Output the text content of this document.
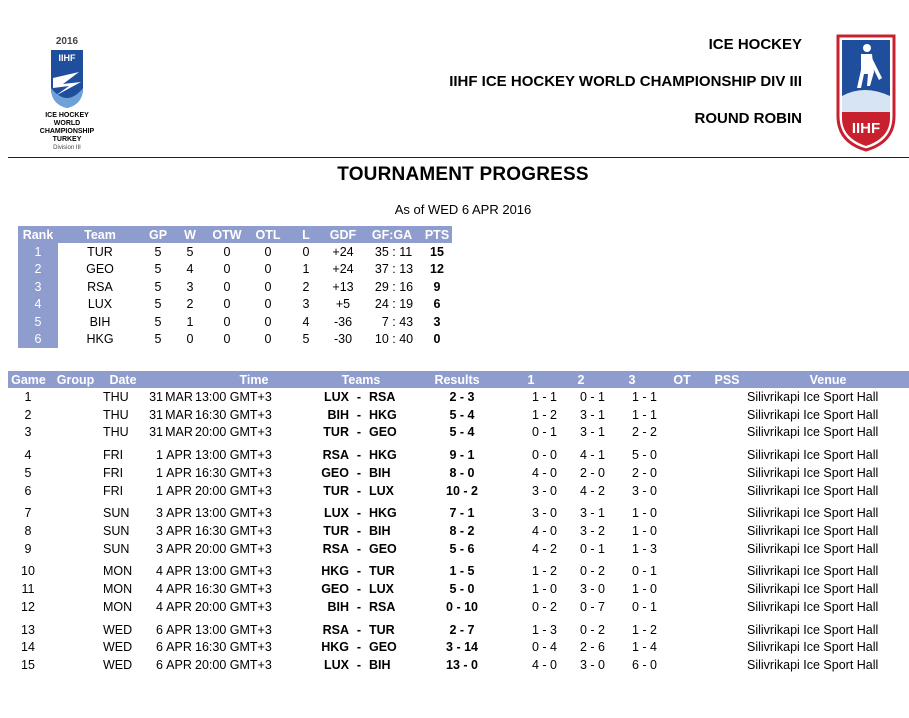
2016
IIHF
ICE HOCKEY
WORLD
CHAMPIONSHIP
TURKEY
Division III
ICE HOCKEY
IIHF ICE HOCKEY WORLD CHAMPIONSHIP DIV III
ROUND ROBIN
IIHF
TOURNAMENT PROGRESS
As of WED 6 APR 2016
Rank	Team	GP	W	OTW	OTL	L	GDF	GF:GA	PTS
1	TUR	5	5	0	0	0	+24	35 : 11	15
2	GEO	5	4	0	0	1	+24	37 : 13	12
3	RSA	5	3	0	0	2	+13	29 : 16	9
4	LUX	5	2	0	0	3	+5	24 : 19	6
5	BIH	5	1	0	0	4	-36	7 : 43	3
6	HKG	5	0	0	0	5	-30	10 : 40	0
Game	Group	Date			Time	Teams			Results	1	2	3	OT	PSS	Venue
1		THU	31	MAR	13:00 GMT+3	LUX	-	RSA	2 - 3	1 - 1	0 - 1	1 - 1			Silivrikapi Ice Sport Hall
2		THU	31	MAR	16:30 GMT+3	BIH	-	HKG	5 - 4	1 - 2	3 - 1	1 - 1			Silivrikapi Ice Sport Hall
3		THU	31	MAR	20:00 GMT+3	TUR	-	GEO	5 - 4	0 - 1	3 - 1	2 - 2			Silivrikapi Ice Sport Hall

4		FRI	1	APR	13:00 GMT+3	RSA	-	HKG	9 - 1	0 - 0	4 - 1	5 - 0			Silivrikapi Ice Sport Hall
5		FRI	1	APR	16:30 GMT+3	GEO	-	BIH	8 - 0	4 - 0	2 - 0	2 - 0			Silivrikapi Ice Sport Hall
6		FRI	1	APR	20:00 GMT+3	TUR	-	LUX	10 - 2	3 - 0	4 - 2	3 - 0			Silivrikapi Ice Sport Hall

7		SUN	3	APR	13:00 GMT+3	LUX	-	HKG	7 - 1	3 - 0	3 - 1	1 - 0			Silivrikapi Ice Sport Hall
8		SUN	3	APR	16:30 GMT+3	TUR	-	BIH	8 - 2	4 - 0	3 - 2	1 - 0			Silivrikapi Ice Sport Hall
9		SUN	3	APR	20:00 GMT+3	RSA	-	GEO	5 - 6	4 - 2	0 - 1	1 - 3			Silivrikapi Ice Sport Hall

10		MON	4	APR	13:00 GMT+3	HKG	-	TUR	1 - 5	1 - 2	0 - 2	0 - 1			Silivrikapi Ice Sport Hall
11		MON	4	APR	16:30 GMT+3	GEO	-	LUX	5 - 0	1 - 0	3 - 0	1 - 0			Silivrikapi Ice Sport Hall
12		MON	4	APR	20:00 GMT+3	BIH	-	RSA	0 - 10	0 - 2	0 - 7	0 - 1			Silivrikapi Ice Sport Hall

13		WED	6	APR	13:00 GMT+3	RSA	-	TUR	2 - 7	1 - 3	0 - 2	1 - 2			Silivrikapi Ice Sport Hall
14		WED	6	APR	16:30 GMT+3	HKG	-	GEO	3 - 14	0 - 4	2 - 6	1 - 4			Silivrikapi Ice Sport Hall
15		WED	6	APR	20:00 GMT+3	LUX	-	BIH	13 - 0	4 - 0	3 - 0	6 - 0			Silivrikapi Ice Sport Hall
